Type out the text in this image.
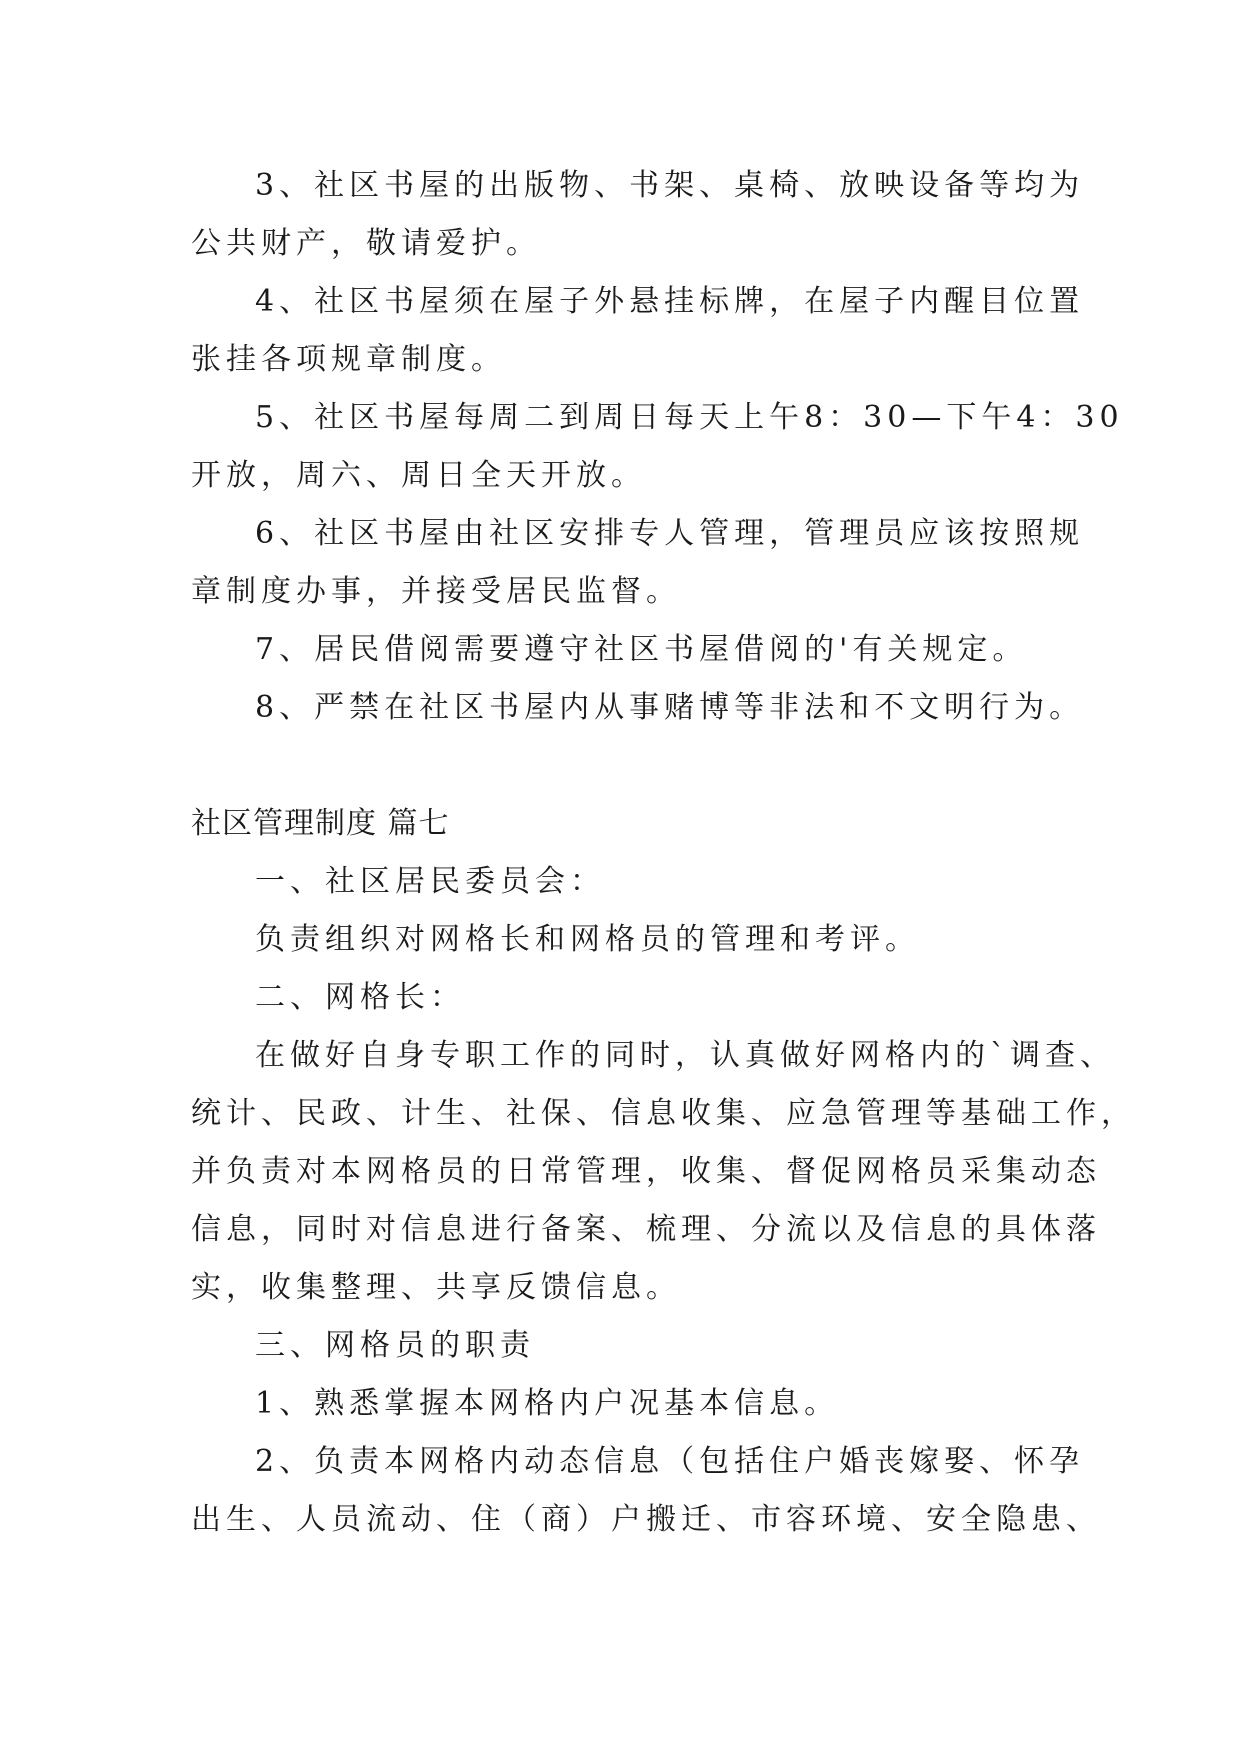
3、社区书屋的出版物、书架、桌椅、放映设备等均为
公共财产，敬请爱护。
4、社区书屋须在屋子外悬挂标牌，在屋子内醒目位置
张挂各项规章制度。
5、社区书屋每周二到周日每天上午8：30—下午4：30
开放，周六、周日全天开放。
6、社区书屋由社区安排专人管理，管理员应该按照规
章制度办事，并接受居民监督。
7、居民借阅需要遵守社区书屋借阅的'有关规定。
8、严禁在社区书屋内从事赌博等非法和不文明行为。
社区管理制度 篇七
一、社区居民委员会：
负责组织对网格长和网格员的管理和考评。
二、网格长：
在做好自身专职工作的同时，认真做好网格内的`调查、
统计、民政、计生、社保、信息收集、应急管理等基础工作，
并负责对本网格员的日常管理，收集、督促网格员采集动态
信息，同时对信息进行备案、梳理、分流以及信息的具体落
实，收集整理、共享反馈信息。
三、网格员的职责
1、熟悉掌握本网格内户况基本信息。
2、负责本网格内动态信息（包括住户婚丧嫁娶、怀孕
出生、人员流动、住（商）户搬迁、市容环境、安全隐患、
